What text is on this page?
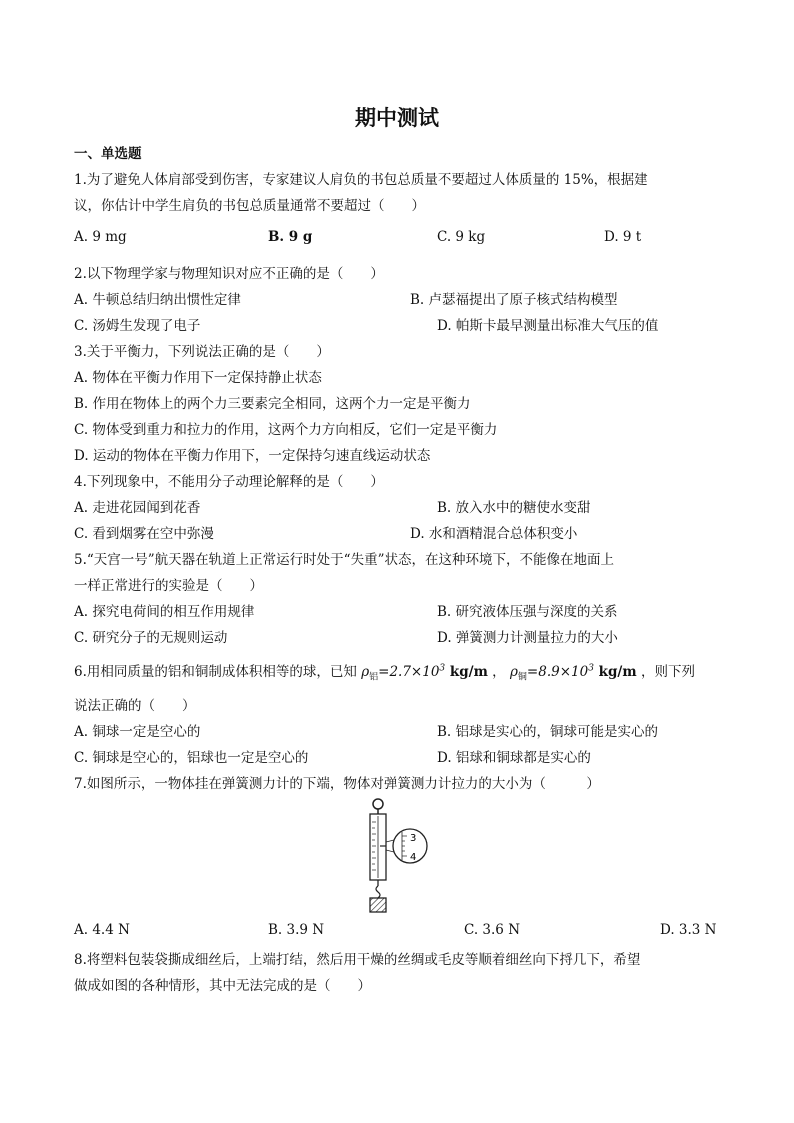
期中测试
一、单选题
1.为了避免人体肩部受到伤害，专家建议人肩负的书包总质量不要超过人体质量的 15%，根据建
议，你估计中学生肩负的书包总质量通常不要超过（　　）
A. 9 mg	B. 9 g	C. 9 kg	D. 9 t
2.以下物理学家与物理知识对应不正确的是（　　）
A. 牛顿总结归纳出惯性定律	B. 卢瑟福提出了原子核式结构模型
C. 汤姆生发现了电子	D. 帕斯卡最早测量出标准大气压的值
3.关于平衡力，下列说法正确的是（　　）
A. 物体在平衡力作用下一定保持静止状态
B. 作用在物体上的两个力三要素完全相同，这两个力一定是平衡力
C. 物体受到重力和拉力的作用，这两个力方向相反，它们一定是平衡力
D. 运动的物体在平衡力作用下，一定保持匀速直线运动状态
4.下列现象中，不能用分子动理论解释的是（　　）
A. 走进花园闻到花香	B. 放入水中的糖使水变甜
C. 看到烟雾在空中弥漫	D. 水和酒精混合总体积变小
5.“天宫一号”航天器在轨道上正常运行时处于“失重”状态，在这种环境下，不能像在地面上
一样正常进行的实验是（　　）
A. 探究电荷间的相互作用规律	B. 研究液体压强与深度的关系
C. 研究分子的无规则运动	D. 弹簧测力计测量拉力的大小
6.用相同质量的铝和铜制成体积相等的球，已知 $\rho_铝=2.7\times 10^3$ kg/m ， $\rho_铜=8.9\times 10^3$ kg/m ，则下列
说法正确的（　　）
A. 铜球一定是空心的	B. 铝球是实心的，铜球可能是实心的
C. 铜球是空心的，铝球也一定是空心的	D. 铝球和铜球都是实心的
7.如图所示，一物体挂在弹簧测力计的下端，物体对弹簧测力计拉力的大小为（　　　）
3
4
A. 4.4 N	B. 3.9 N	C. 3.6 N	D. 3.3 N
8.将塑料包装袋撕成细丝后，上端打结，然后用干燥的丝绸或毛皮等顺着细丝向下捋几下，希望
做成如图的各种情形，其中无法完成的是（　　）
